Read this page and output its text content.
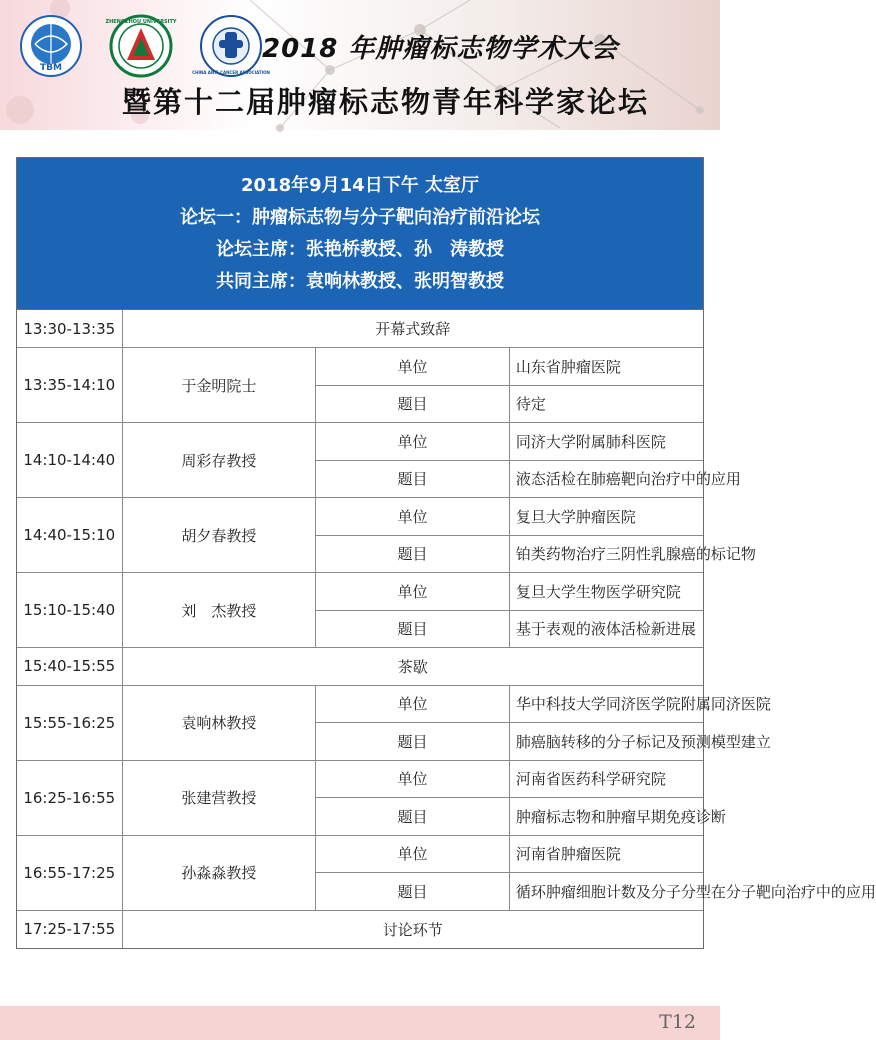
TBM
ZHENGZHOU UNIVERSITY
CHINA ANTI-CANCER ASSOCIATION
2018 年肿瘤标志物学术大会
暨第十二届肿瘤标志物青年科学家论坛
2018年9月14日下午 太室厅
论坛一：肿瘤标志物与分子靶向治疗前沿论坛
论坛主席：张艳桥教授、孙　涛教授
共同主席：袁响林教授、张明智教授
13:30-13:35	开幕式致辞		
13:35-14:10	于金明院士	单位	山东省肿瘤医院
		题目	待定
14:10-14:40	周彩存教授	单位	同济大学附属肺科医院
		题目	液态活检在肺癌靶向治疗中的应用
14:40-15:10	胡夕春教授	单位	复旦大学肿瘤医院
		题目	铂类药物治疗三阴性乳腺癌的标记物
15:10-15:40	刘　杰教授	单位	复旦大学生物医学研究院
		题目	基于表观的液体活检新进展
15:40-15:55	茶歇		
15:55-16:25	袁响林教授	单位	华中科技大学同济医学院附属同济医院
		题目	肺癌脑转移的分子标记及预测模型建立
16:25-16:55	张建营教授	单位	河南省医药科学研究院
		题目	肿瘤标志物和肿瘤早期免疫诊断
16:55-17:25	孙淼淼教授	单位	河南省肿瘤医院
		题目	循环肿瘤细胞计数及分子分型在分子靶向治疗中的应用
17:25-17:55	讨论环节		
T12
